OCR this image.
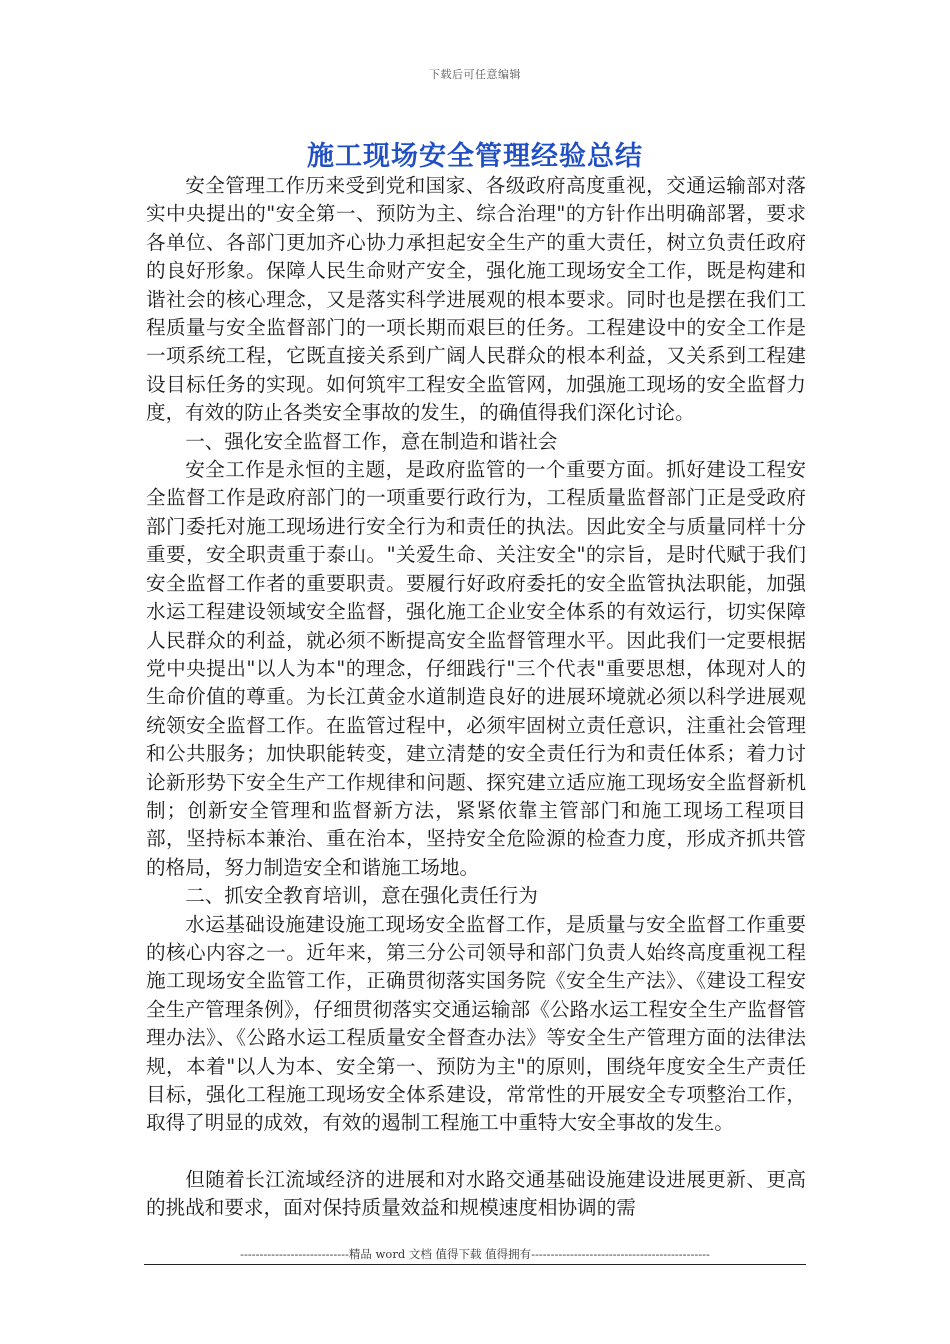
下载后可任意编辑
施工现场安全管理经验总结

安全管理工作历来受到党和国家、各级政府高度重视，交通运输部对落实中央提出的"安全第一、预防为主、综合治理"的方针作出明确部署，要求各单位、各部门更加齐心协力承担起安全生产的重大责任，树立负责任政府的良好形象。保障人民生命财产安全，强化施工现场安全工作，既是构建和谐社会的核心理念，又是落实科学进展观的根本要求。同时也是摆在我们工程质量与安全监督部门的一项长期而艰巨的任务。工程建设中的安全工作是一项系统工程，它既直接关系到广阔人民群众的根本利益，又关系到工程建设目标任务的实现。如何筑牢工程安全监管网，加强施工现场的安全监督力度，有效的防止各类安全事故的发生，的确值得我们深化讨论。

一、强化安全监督工作，意在制造和谐社会

安全工作是永恒的主题，是政府监管的一个重要方面。抓好建设工程安全监督工作是政府部门的一项重要行政行为，工程质量监督部门正是受政府部门委托对施工现场进行安全行为和责任的执法。因此安全与质量同样十分重要，安全职责重于泰山。"关爱生命、关注安全"的宗旨，是时代赋于我们安全监督工作者的重要职责。要履行好政府委托的安全监管执法职能，加强水运工程建设领域安全监督，强化施工企业安全体系的有效运行，切实保障人民群众的利益，就必须不断提高安全监督管理水平。因此我们一定要根据党中央提出"以人为本"的理念，仔细践行"三个代表"重要思想，体现对人的生命价值的尊重。为长江黄金水道制造良好的进展环境就必须以科学进展观统领安全监督工作。在监管过程中，必须牢固树立责任意识，注重社会管理和公共服务；加快职能转变，建立清楚的安全责任行为和责任体系；着力讨论新形势下安全生产工作规律和问题、探究建立适应施工现场安全监督新机制；创新安全管理和监督新方法，紧紧依靠主管部门和施工现场工程项目部，坚持标本兼治、重在治本，坚持安全危险源的检查力度，形成齐抓共管的格局，努力制造安全和谐施工场地。

二、抓安全教育培训，意在强化责任行为

水运基础设施建设施工现场安全监督工作，是质量与安全监督工作重要的核心内容之一。近年来，第三分公司领导和部门负责人始终高度重视工程施工现场安全监管工作，正确贯彻落实国务院《安全生产法》、《建设工程安全生产管理条例》，仔细贯彻落实交通运输部《公路水运工程安全生产监督管理办法》、《公路水运工程质量安全督查办法》等安全生产管理方面的法律法规，本着"以人为本、安全第一、预防为主"的原则，围绕年度安全生产责任目标，强化工程施工现场安全体系建设，常常性的开展安全专项整治工作，取得了明显的成效，有效的遏制工程施工中重特大安全事故的发生。

但随着长江流域经济的进展和对水路交通基础设施建设进展更新、更高的挑战和要求，面对保持质量效益和规模速度相协调的需

----------------------------精品 word 文档 值得下载 值得拥有----------------------------------------------
